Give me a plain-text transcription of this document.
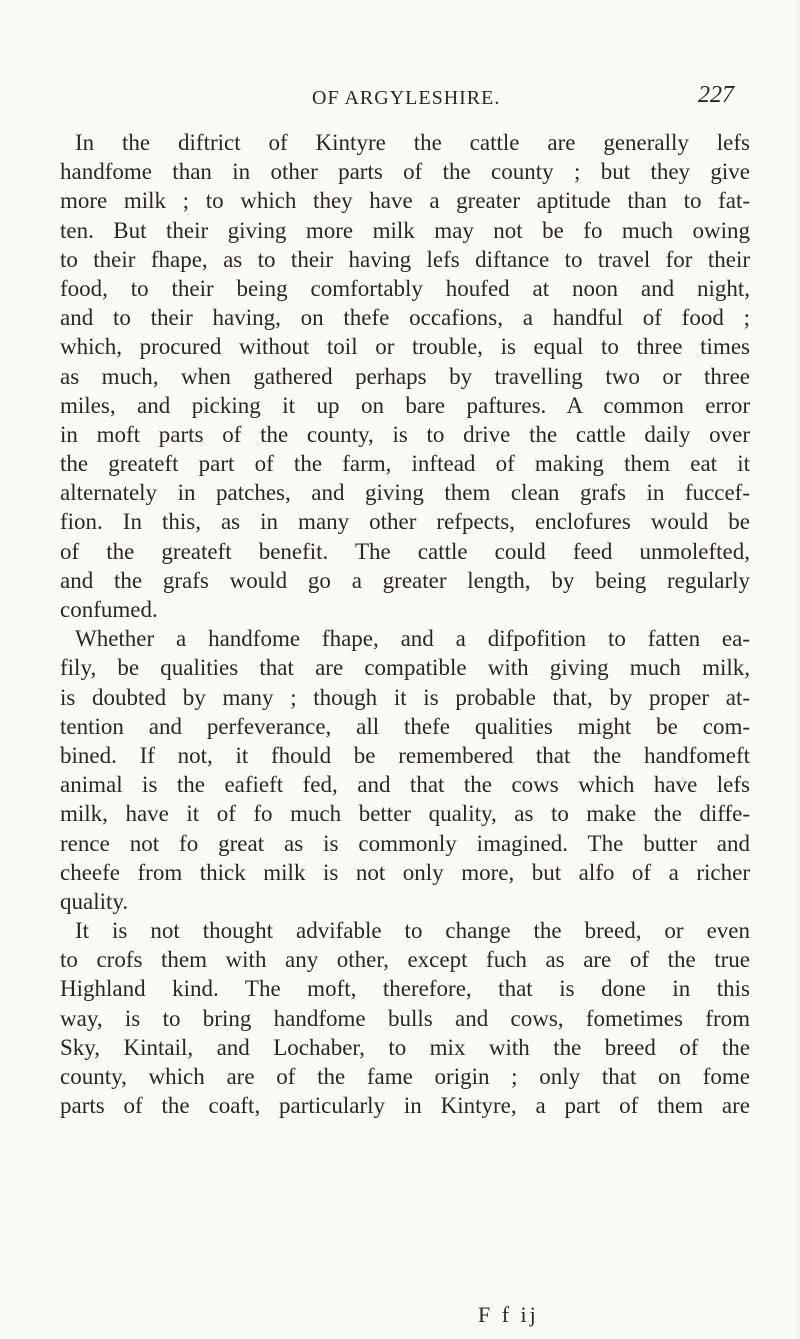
OF ARGYLESHIRE.	227
In the diftrict of Kintyre the cattle are generally lefs
handfome than in other parts of the county ; but they give
more milk ; to which they have a greater aptitude than to fat-
ten. But their giving more milk may not be fo much owing
to their fhape, as to their having lefs diftance to travel for their
food, to their being comfortably houfed at noon and night,
and to their having, on thefe occafions, a handful of food ;
which, procured without toil or trouble, is equal to three times
as much, when gathered perhaps by travelling two or three
miles, and picking it up on bare paftures. A common error
in moft parts of the county, is to drive the cattle daily over
the greateft part of the farm, inftead of making them eat it
alternately in patches, and giving them clean grafs in fuccef-
fion. In this, as in many other refpects, enclofures would be
of the greateft benefit. The cattle could feed unmolefted,
and the grafs would go a greater length, by being regularly
confumed.
Whether a handfome fhape, and a difpofition to fatten ea-
fily, be qualities that are compatible with giving much milk,
is doubted by many ; though it is probable that, by proper at-
tention and perfeverance, all thefe qualities might be com-
bined. If not, it fhould be remembered that the handfomeft
animal is the eafieft fed, and that the cows which have lefs
milk, have it of fo much better quality, as to make the diffe-
rence not fo great as is commonly imagined. The butter and
cheefe from thick milk is not only more, but alfo of a richer
quality.
It is not thought advifable to change the breed, or even
to crofs them with any other, except fuch as are of the true
Highland kind. The moft, therefore, that is done in this
way, is to bring handfome bulls and cows, fometimes from
Sky, Kintail, and Lochaber, to mix with the breed of the
county, which are of the fame origin ; only that on fome
parts of the coaft, particularly in Kintyre, a part of them are
F f ij
